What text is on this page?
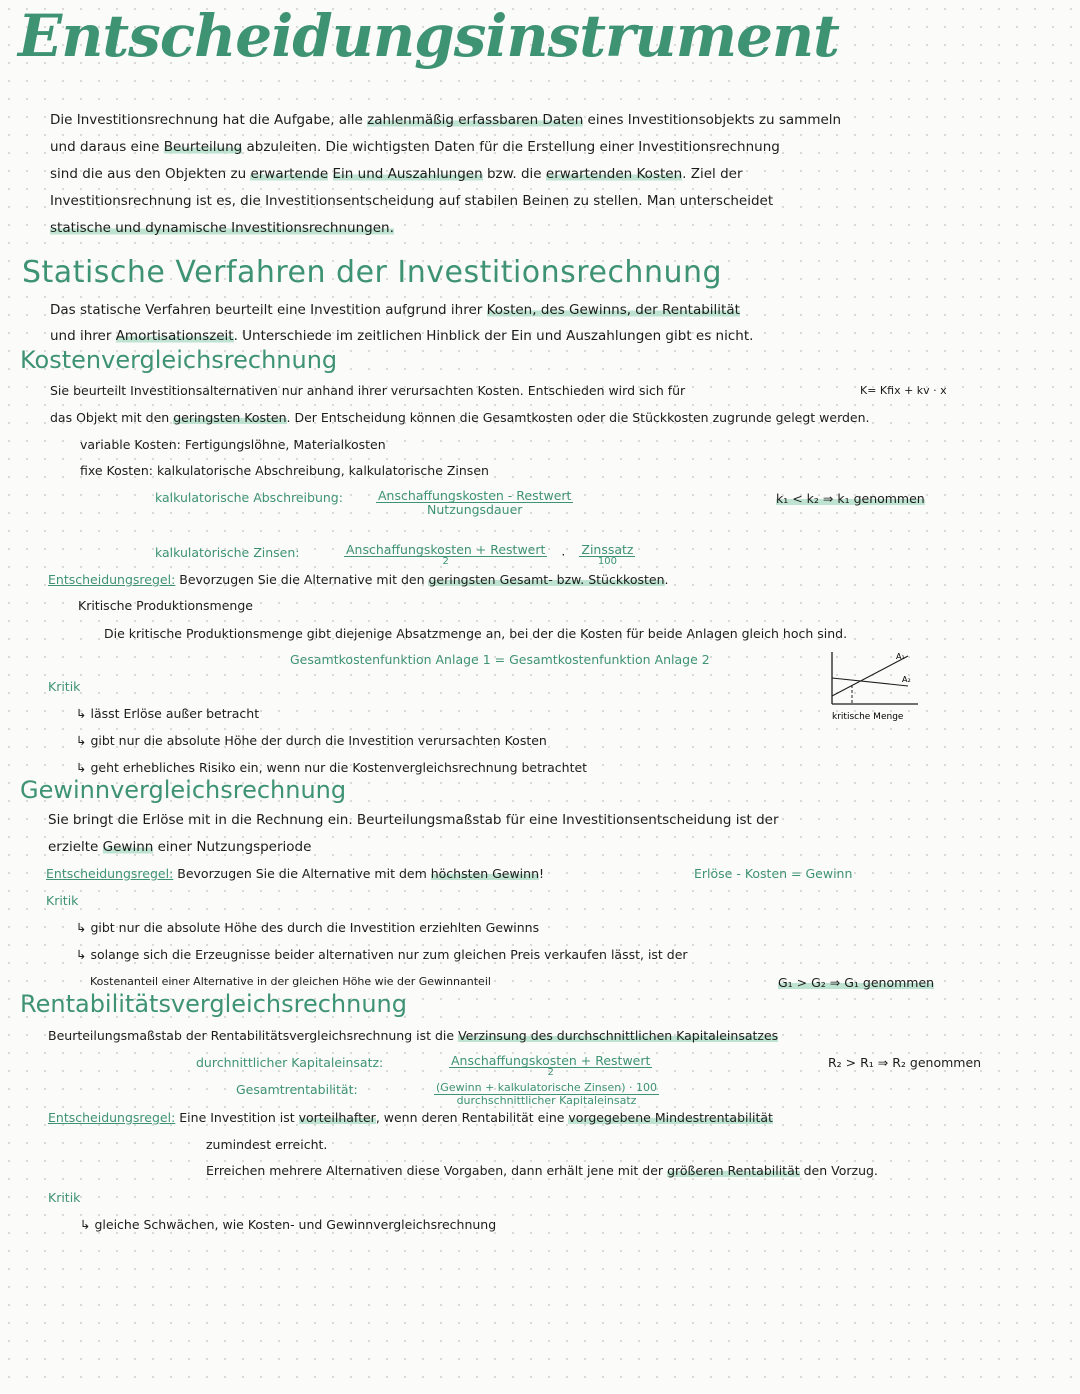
Entscheidungsinstrument
Die Investitionsrechnung hat die Aufgabe, alle zahlenmäßig erfassbaren Daten eines Investitionsobjekts zu sammeln
und daraus eine Beurteilung abzuleiten. Die wichtigsten Daten für die Erstellung einer Investitionsrechnung
sind die aus den Objekten zu erwartende Ein und Auszahlungen bzw. die erwartenden Kosten. Ziel der
Investitionsrechnung ist es, die Investitionsentscheidung auf stabilen Beinen zu stellen. Man unterscheidet
statische und dynamische Investitionsrechnungen.
Statische Verfahren der Investitionsrechnung
Das statische Verfahren beurteilt eine Investition aufgrund ihrer Kosten, des Gewinns, der Rentabilität
und ihrer Amortisationszeit. Unterschiede im zeitlichen Hinblick der Ein und Auszahlungen gibt es nicht.
Kostenvergleichsrechnung
Sie beurteilt Investitionsalternativen nur anhand ihrer verursachten Kosten. Entschieden wird sich für	K= Kfix + kv · x
das Objekt mit den geringsten Kosten. Der Entscheidung können die Gesamtkosten oder die Stückkosten zugrunde gelegt werden.
variable Kosten: Fertigungslöhne, Materialkosten
fixe Kosten: kalkulatorische Abschreibung, kalkulatorische Zinsen
kalkulatorische Abschreibung:	$\frac{\text{Anschaffungskosten - Restwert}}{\text{Nutzungsdauer}}$	k₁ < k₂ ⇒ k₁ genommen
kalkulatorische Zinsen:	$\frac{\text{Anschaffungskosten + Restwert}}{2} \cdot \frac{\text{Zinssatz}}{100}$
Entscheidungsregel: Bevorzugen Sie die Alternative mit den geringsten Gesamt- bzw. Stückkosten.
Kritische Produktionsmenge
Die kritische Produktionsmenge gibt diejenige Absatzmenge an, bei der die Kosten für beide Anlagen gleich hoch sind.
Gesamtkostenfunktion Anlage 1 = Gesamtkostenfunktion Anlage 2	A₁
A₂
kritische Menge
Kritik
↳ lässt Erlöse außer betracht
↳ gibt nur die absolute Höhe der durch die Investition verursachten Kosten
↳ geht erhebliches Risiko ein, wenn nur die Kostenvergleichsrechnung betrachtet
Gewinnvergleichsrechnung
Sie bringt die Erlöse mit in die Rechnung ein. Beurteilungsmaßstab für eine Investitionsentscheidung ist der
erzielte Gewinn einer Nutzungsperiode
Entscheidungsregel: Bevorzugen Sie die Alternative mit dem höchsten Gewinn!	Erlöse - Kosten = Gewinn
Kritik
↳ gibt nur die absolute Höhe des durch die Investition erziehlten Gewinns
↳ solange sich die Erzeugnisse beider alternativen nur zum gleichen Preis verkaufen lässt, ist der
Kostenanteil einer Alternative in der gleichen Höhe wie der Gewinnanteil	G₁ > G₂ ⇒ G₁ genommen
Rentabilitätsvergleichsrechnung
Beurteilungsmaßstab der Rentabilitätsvergleichsrechnung ist die Verzinsung des durchschnittlichen Kapitaleinsatzes
durchnittlicher Kapitaleinsatz:	$\frac{\text{Anschaffungskosten + Restwert}}{2}$	R₂ > R₁ ⇒ R₂ genommen
Gesamtrentabilität:	$\frac{\text{(Gewinn + kalkulatorische Zinsen) · 100}}{\text{durchschnittlicher Kapitaleinsatz}}$
Entscheidungsregel: Eine Investition ist vorteilhafter, wenn deren Rentabilität eine vorgegebene Mindestrentabilität
zumindest erreicht.
Erreichen mehrere Alternativen diese Vorgaben, dann erhält jene mit der größeren Rentabilität den Vorzug.
Kritik
↳ gleiche Schwächen, wie Kosten- und Gewinnvergleichsrechnung
